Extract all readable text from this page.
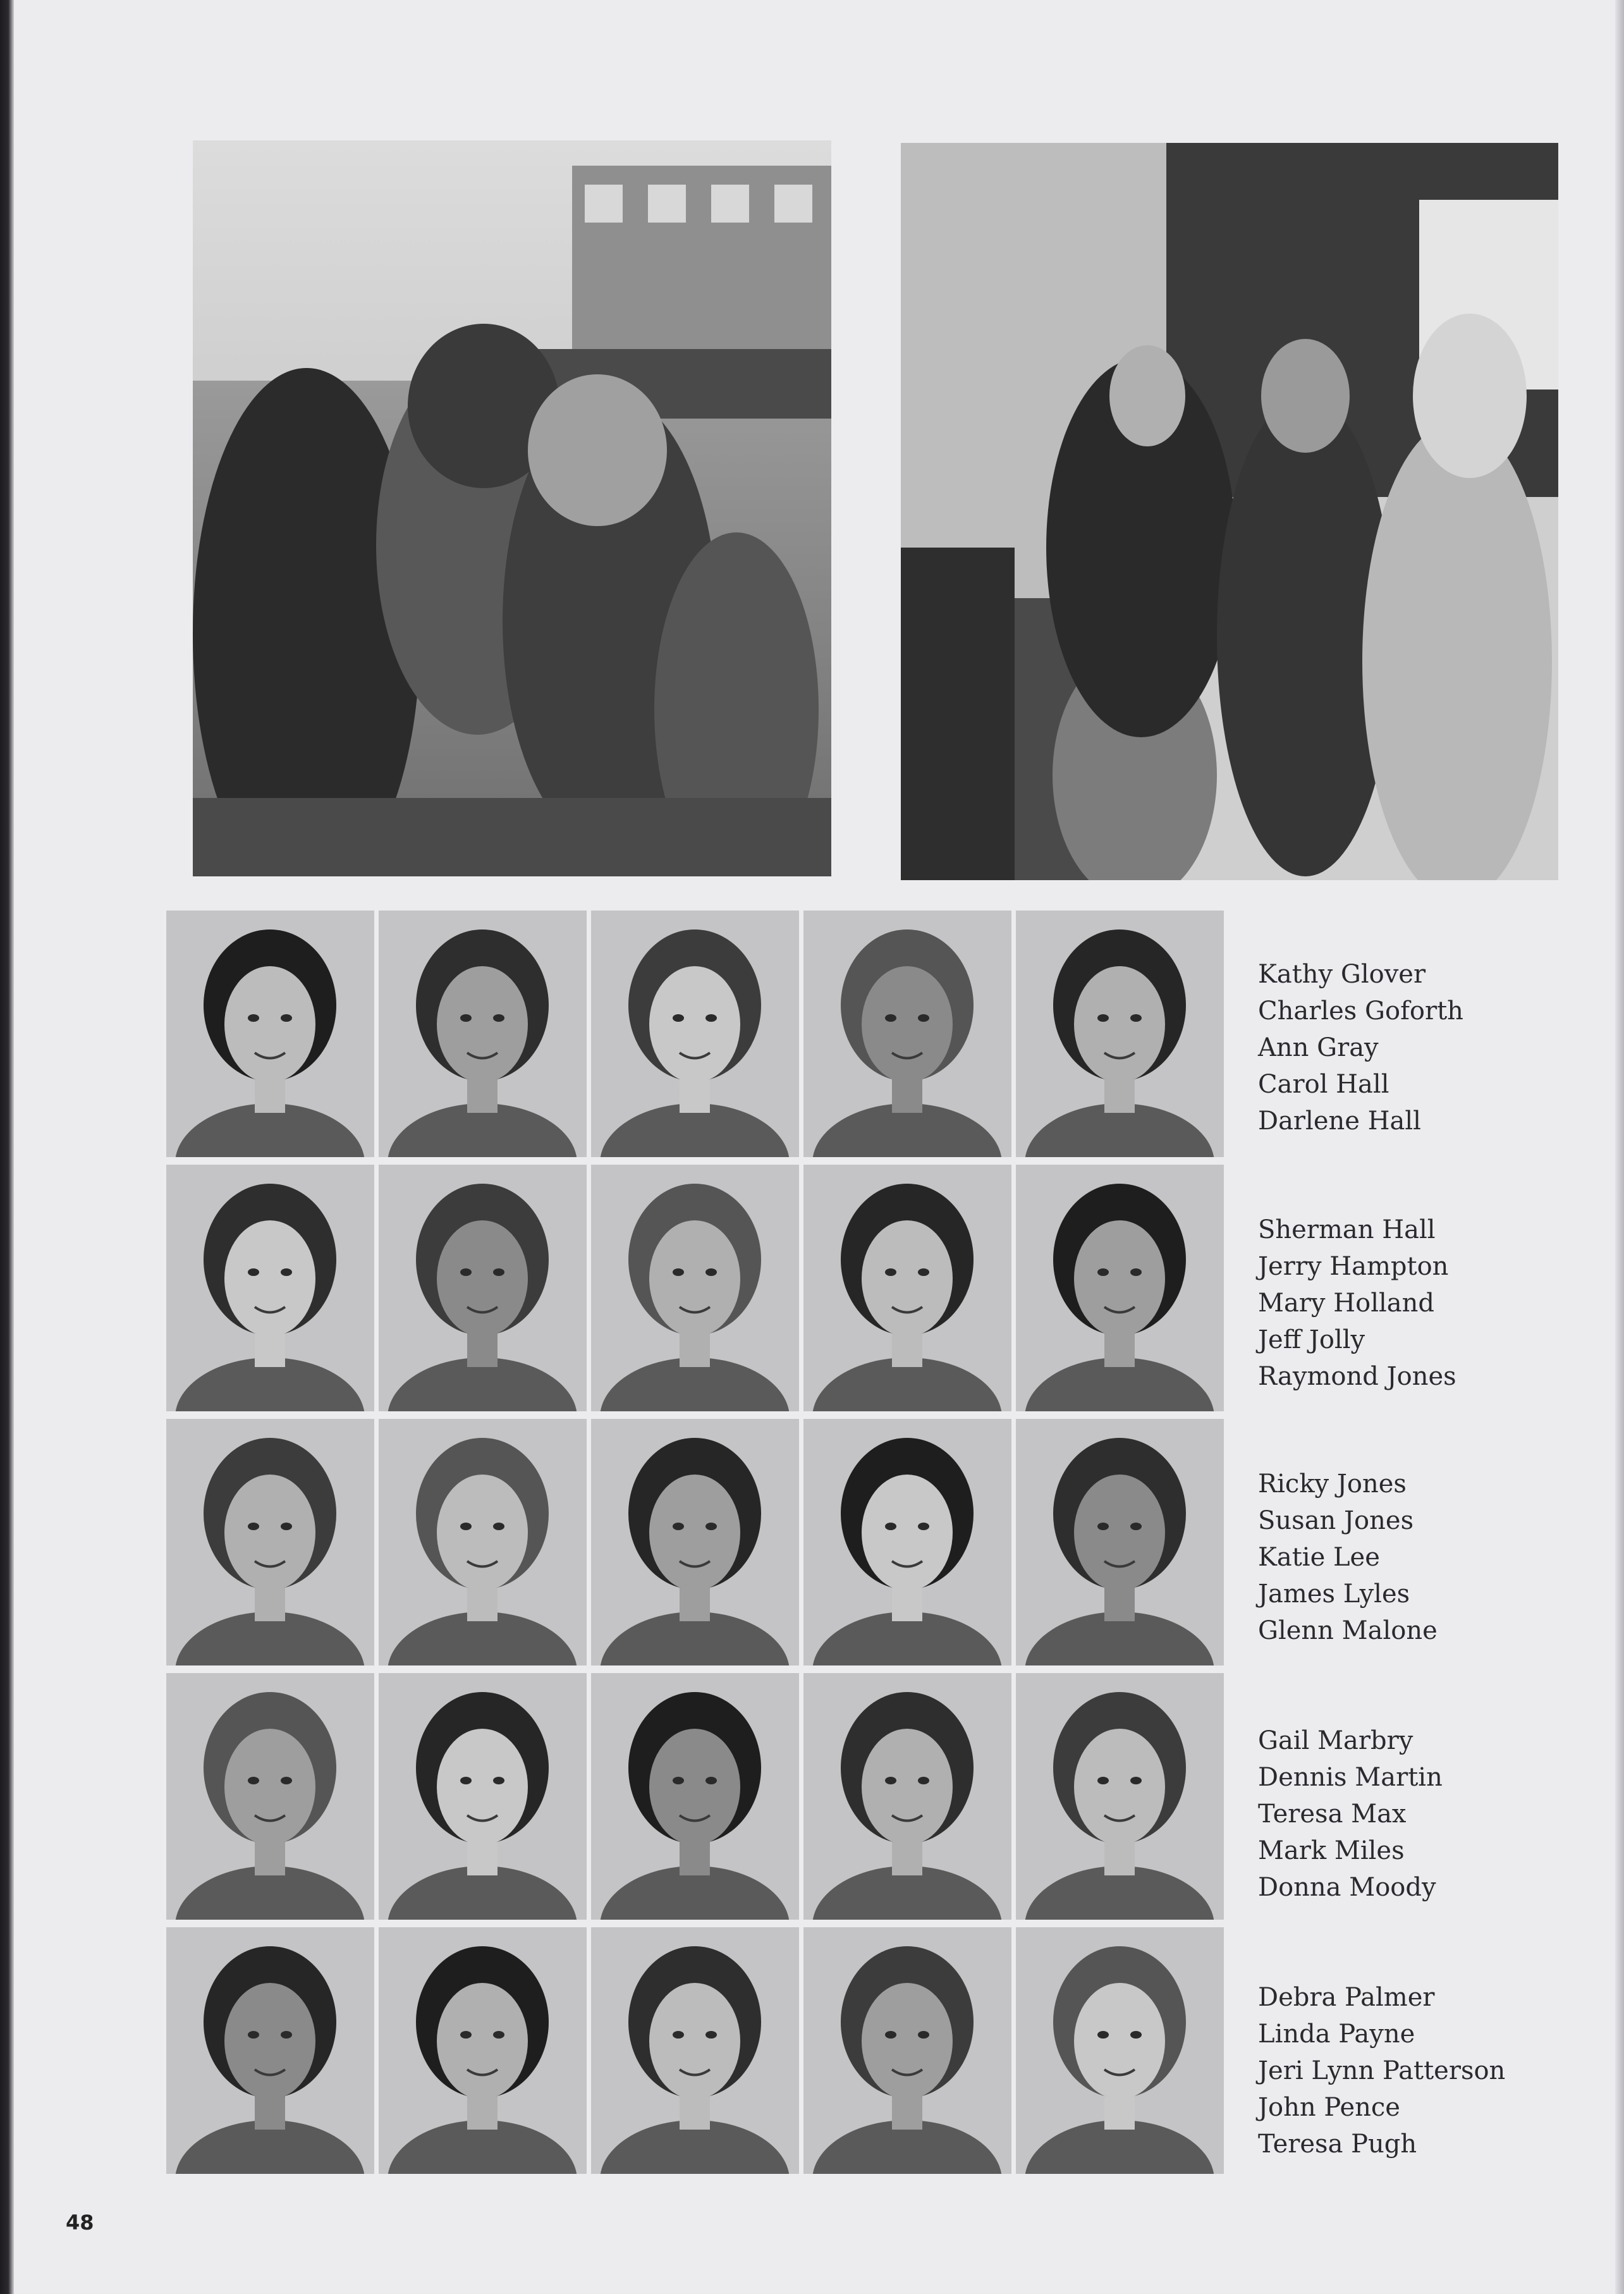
Kathy Glover
Charles Goforth
Ann Gray
Carol Hall
Darlene Hall
Sherman Hall
Jerry Hampton
Mary Holland
Jeff Jolly
Raymond Jones
Ricky Jones
Susan Jones
Katie Lee
James Lyles
Glenn Malone
Gail Marbry
Dennis Martin
Teresa Max
Mark Miles
Donna Moody
Debra Palmer
Linda Payne
Jeri Lynn Patterson
John Pence
Teresa Pugh
48
